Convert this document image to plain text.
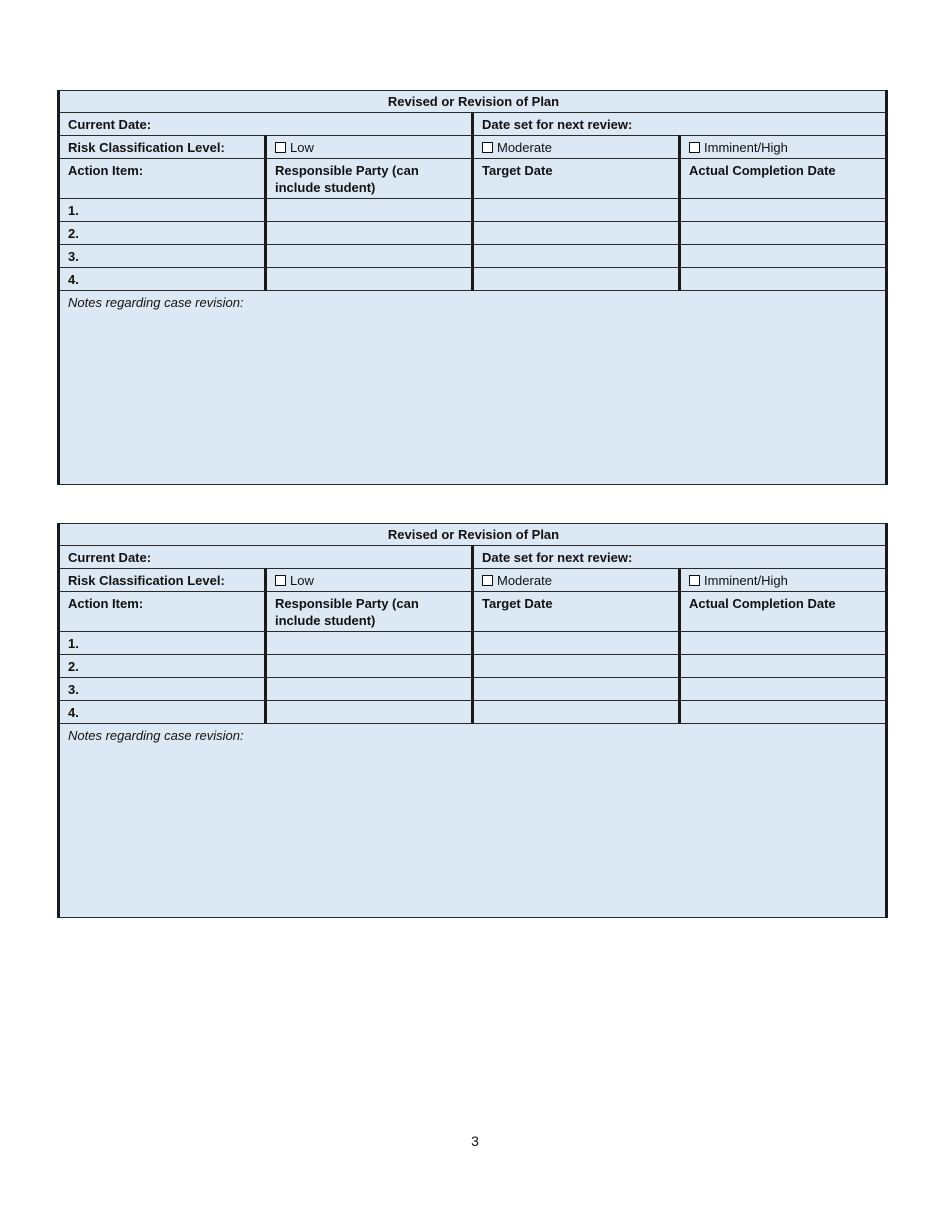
Revised or Revision of Plan			
Current Date:		Date set for next review:	
Risk Classification Level:	Low	Moderate	Imminent/High
Action Item:	Responsible Party (can
include student)	Target Date	Actual Completion Date
1.			
2.			
3.			
4.			
Notes regarding case revision:			
Revised or Revision of Plan			
Current Date:		Date set for next review:	
Risk Classification Level:	Low	Moderate	Imminent/High
Action Item:	Responsible Party (can
include student)	Target Date	Actual Completion Date
1.			
2.			
3.			
4.			
Notes regarding case revision:			
3
